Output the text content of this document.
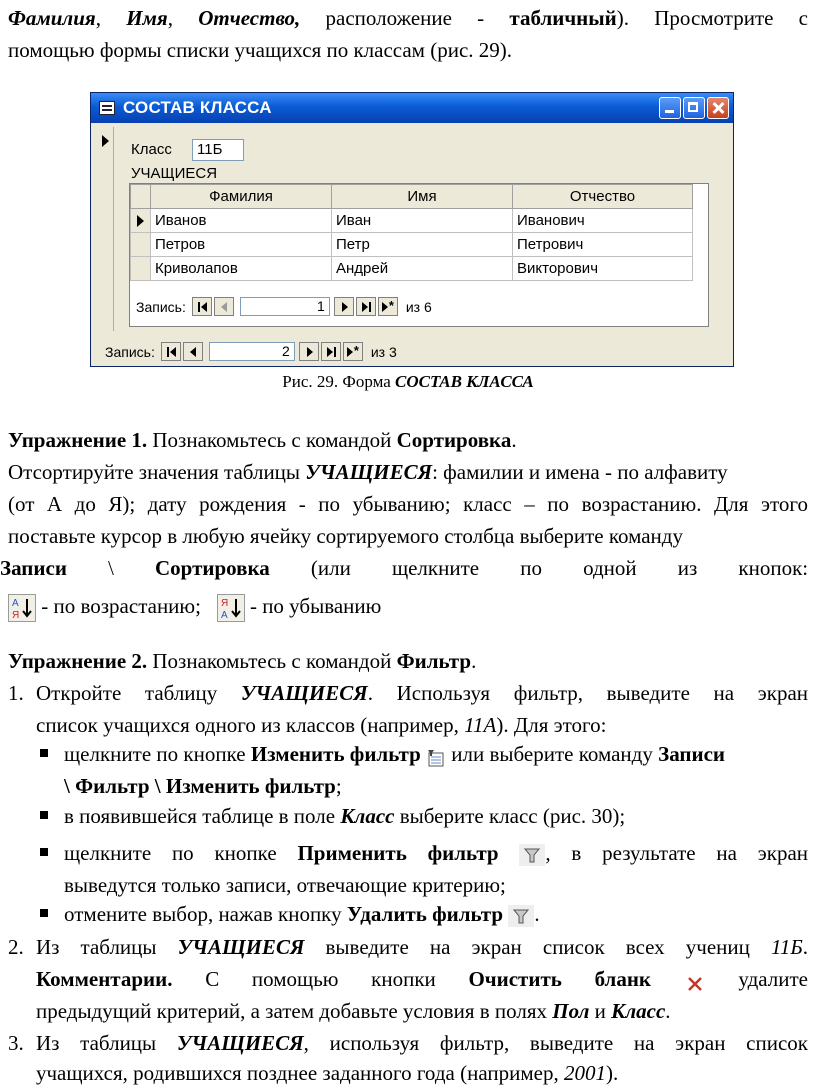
Фамилия, Имя, Отчество, расположение - табличный). Просмотрите с
помощью формы списки учащихся по классам (рис. 29).
СОСТАВ КЛАССА
Класс	11Б
УЧАЩИЕСЯ
	Фамилия	Имя	Отчество

	Иванов	Иван	Иванович
	Петров	Петр	Петрович
	Криволапов	Андрей	Викторович
Запись:	1	* из 6
Запись:	2	* из 3
Рис. 29. Форма СОСТАВ КЛАССА
Упражнение 1. Познакомьтесь с командой Сортировка.
Отсортируйте значения таблицы УЧАЩИЕСЯ: фамилии и имена - по алфавиту
(от А до Я); дату рождения - по убыванию; класс – по возрастанию. Для этого
поставьте курсор в любую ячейку сортируемого столбца выберите команду
Записи \ Сортировка (или щелкните по одной из кнопок:
А
Я - по возрастанию; Я
А - по убыванию
Упражнение 2. Познакомьтесь с командой Фильтр.
1. Откройте таблицу УЧАЩИЕСЯ. Используя фильтр, выведите на экран
список учащихся одного из классов (например, 11А). Для этого:
щелкните по кнопке Изменить фильтр или выберите команду Записи
\ Фильтр \ Изменить фильтр;
в появившейся таблице в поле Класс выберите класс (рис. 30);
щелкните по кнопке Применить фильтр , в результате на экран
выведутся только записи, отвечающие критерию;
отмените выбор, нажав кнопку Удалить фильтр .
2. Из таблицы УЧАЩИЕСЯ выведите на экран список всех учениц 11Б.
Комментарии. С помощью кнопки Очистить бланк	удалите
предыдущий критерий, а затем добавьте условия в полях Пол и Класс.
3. Из таблицы УЧАЩИЕСЯ, используя фильтр, выведите на экран список
учащихся, родившихся позднее заданного года (например, 2001).
